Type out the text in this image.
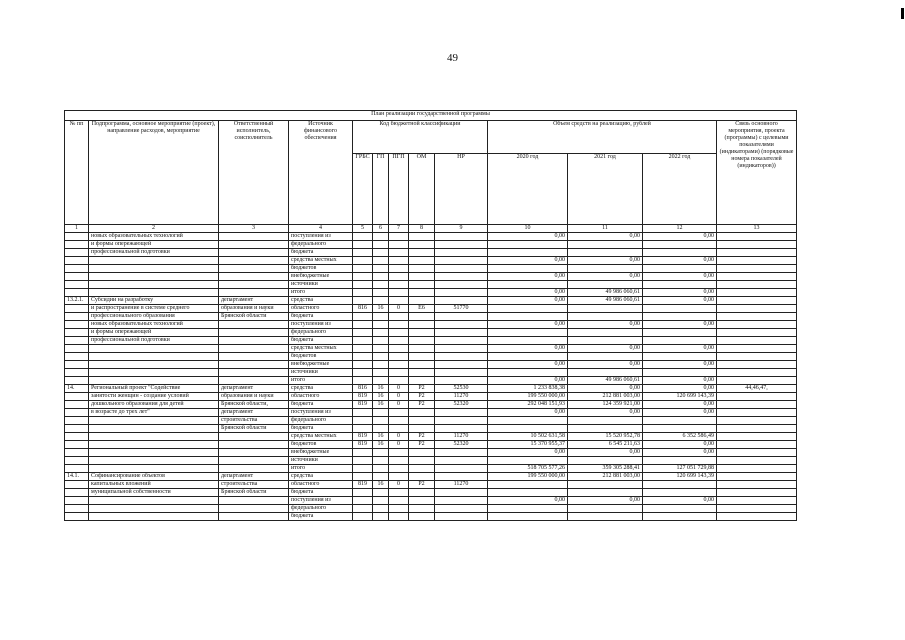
49
План реализации государственной программы												
№ пп	Подпрограмма, основное мероприятие (проект), направление расходов, мероприятие	Ответственный исполнитель, соисполнитель	Источник финансового обеспечения	Код бюджетной классификации					Объем средств на реализацию, рублей			Связь основного мероприятия, проекта (программы) с целевыми показателями (индикаторами) (порядковые номера показателей (индикаторов))
				ГРБС	ГП	ПГП	ОМ	НР	2020 год	2021 год	2022 год	
1	2	3	4	5	6	7	8	9	10	11	12	13
	новых образовательных технологий		поступления из						0,00	0,00	0,00	
	и формы опережающей		федерального									
	профессиональной подготовки		бюджета									
			средства местных						0,00	0,00	0,00	
			бюджетов									
			внебюджетные						0,00	0,00	0,00	
			источники									
			итого						0,00	49 986 060,61	0,00	
13.2.1.	Субсидии на разработку	департамент	средства						0,00	49 986 060,61	0,00	
	и распространение в системе среднего	образования и науки	областного	816	16	0	Е6	51770				
	профессионального образования	Брянской области	бюджета									
	новых образовательных технологий		поступления из						0,00	0,00	0,00	
	и формы опережающей		федерального									
	профессиональной подготовки		бюджета									
			средства местных						0,00	0,00	0,00	
			бюджетов									
			внебюджетные						0,00	0,00	0,00	
			источники									
			итого						0,00	49 986 060,61	0,00	
14.	Региональный проект "Содействие	департамент	средства	816	16	0	Р2	52530	1 233 838,38	0,00	0,00	44,46,47,
	занятости женщин - создание условий	образования и науки	областного	819	16	0	Р2	11270	199 550 000,00	212 881 003,00	120 699 143,39	
	дошкольного образования для детей	Брянской области,	бюджета	819	16	0	Р2	52320	292 048 151,93	124 359 921,00	0,00	
	в возрасте до трех лет"	департамент	поступления из						0,00	0,00	0,00	
		строительства	федерального									
		Брянской области	бюджета									
			средства местных	819	16	0	Р2	11270	10 502 631,58	15 520 952,78	6 352 586,49	
			бюджетов	819	16	0	Р2	52320	15 370 955,37	6 545 211,63	0,00	
			внебюджетные						0,00	0,00	0,00	
			источники									
			итого						518 705 577,26	359 305 288,41	127 051 729,88	
14.1.	Софинансирование объектов	департамент	средства						199 550 000,00	212 881 003,00	120 699 143,39	
	капитальных вложений	строительства	областного	819	16	0	Р2	11270				
	муниципальной собственности	Брянской области	бюджета									
			поступления из						0,00	0,00	0,00	
			федерального									
			бюджета									
